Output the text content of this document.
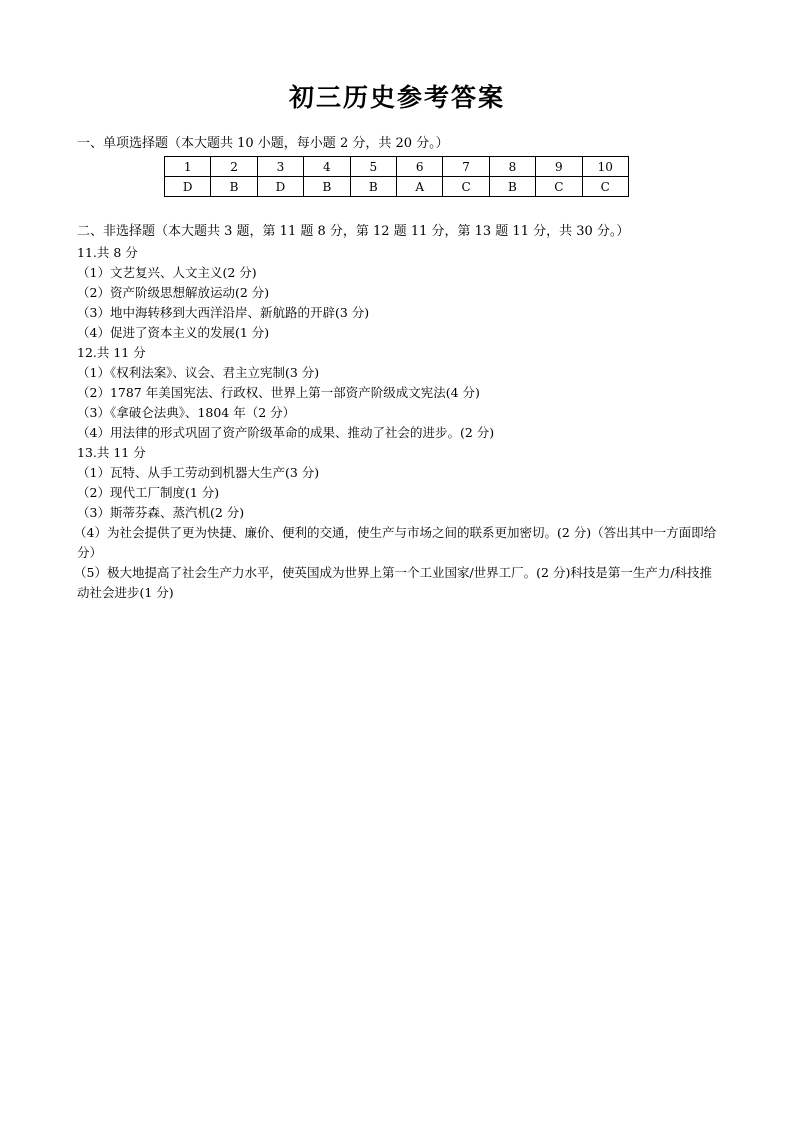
初三历史参考答案
一、单项选择题（本大题共 10 小题，每小题 2 分，共 20 分。）
1	2	3	4	5	6	7	8	9	10
D	B	D	B	B	A	C	B	C	C
二、非选择题（本大题共 3 题，第 11 题 8 分，第 12 题 11 分，第 13 题 11 分，共 30 分。）

11.共 8 分

（1）文艺复兴、人文主义(2 分)

（2）资产阶级思想解放运动(2 分)

（3）地中海转移到大西洋沿岸、新航路的开辟(3 分)

（4）促进了资本主义的发展(1 分)

12.共 11 分

（1）《权利法案》、议会、君主立宪制(3 分)

（2）1787 年美国宪法、行政权、世界上第一部资产阶级成文宪法(4 分)

（3）《拿破仑法典》、1804 年（2 分）

（4）用法律的形式巩固了资产阶级革命的成果、推动了社会的进步。(2 分)

13.共 11 分

（1）瓦特、从手工劳动到机器大生产(3 分)

（2）现代工厂制度(1 分)

（3）斯蒂芬森、蒸汽机(2 分)

（4）为社会提供了更为快捷、廉价、便利的交通，使生产与市场之间的联系更加密切。(2 分)（答出其中一方面即给分）

（5）极大地提高了社会生产力水平，使英国成为世界上第一个工业国家/世界工厂。(2 分)科技是第一生产力/科技推动社会进步(1 分)
